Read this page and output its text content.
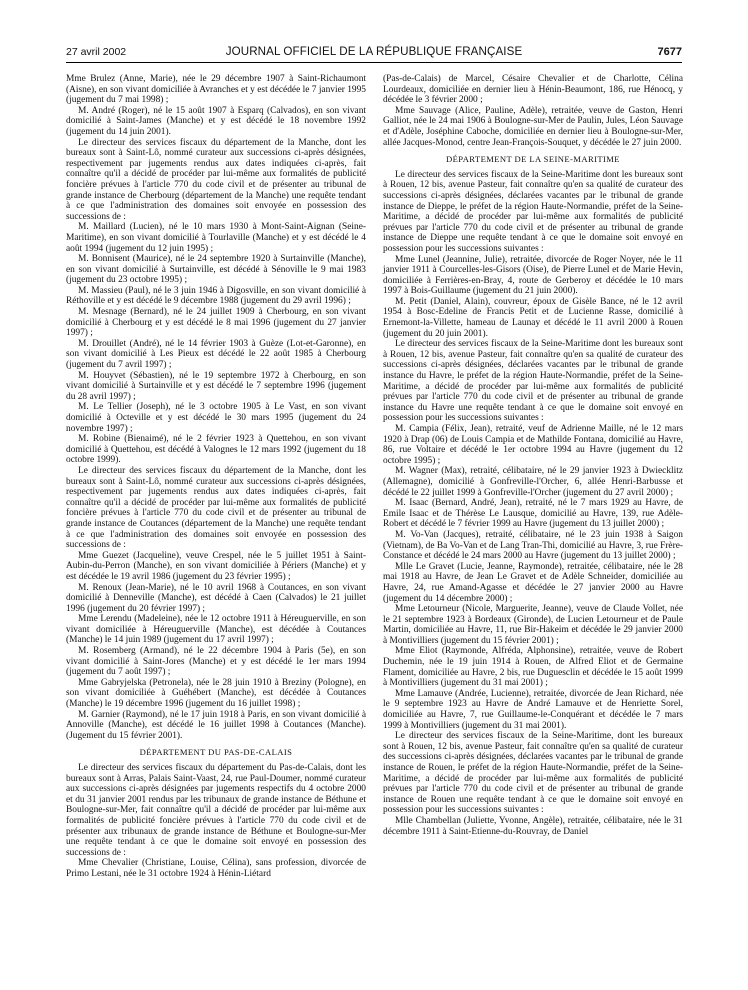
27 avril 2002	JOURNAL OFFICIEL DE LA RÉPUBLIQUE FRANÇAISE	7677

Mme Brulez (Anne, Marie), née le 29 décembre 1907 à Saint-Richaumont (Aisne), en son vivant domiciliée à Avranches et y est décédée le 7 janvier 1995 (jugement du 7 mai 1998) ;

M. André (Roger), né le 15 août 1907 à Esparq (Calvados), en son vivant domicilié à Saint-James (Manche) et y est décédé le 18 novembre 1992 (jugement du 14 juin 2001).

Le directeur des services fiscaux du département de la Manche, dont les bureaux sont à Saint-Lô, nommé curateur aux successions ci-après désignées, respectivement par jugements rendus aux dates indiquées ci-après, fait connaître qu'il a décidé de procéder par lui-même aux formalités de publicité foncière prévues à l'article 770 du code civil et de présenter au tribunal de grande instance de Cherbourg (département de la Manche) une requête tendant à ce que l'administration des domaines soit envoyée en possession des successions de :

M. Maillard (Lucien), né le 10 mars 1930 à Mont-Saint-Aignan (Seine-Maritime), en son vivant domicilié à Tourlaville (Manche) et y est décédé le 4 août 1994 (jugement du 12 juin 1995) ;

M. Bonnisent (Maurice), né le 24 septembre 1920 à Surtainville (Manche), en son vivant domicilié à Surtainville, est décédé à Sénoville le 9 mai 1983 (jugement du 23 octobre 1995) ;

M. Massieu (Paul), né le 3 juin 1946 à Digosville, en son vivant domicilié à Réthoville et y est décédé le 9 décembre 1988 (jugement du 29 avril 1996) ;

M. Mesnage (Bernard), né le 24 juillet 1909 à Cherbourg, en son vivant domicilié à Cherbourg et y est décédé le 8 mai 1996 (jugement du 27 janvier 1997) ;

M. Drouillet (André), né le 14 février 1903 à Guèze (Lot-et-Garonne), en son vivant domicilié à Les Pieux est décédé le 22 août 1985 à Cherbourg (jugement du 7 avril 1997) ;

M. Houyvet (Sébastien), né le 19 septembre 1972 à Cherbourg, en son vivant domicilié à Surtainville et y est décédé le 7 septembre 1996 (jugement du 28 avril 1997) ;

M. Le Tellier (Joseph), né le 3 octobre 1905 à Le Vast, en son vivant domicilié à Octeville et y est décédé le 30 mars 1995 (jugement du 24 novembre 1997) ;

M. Robine (Bienaimé), né le 2 février 1923 à Quettehou, en son vivant domicilié à Quettehou, est décédé à Valognes le 12 mars 1992 (jugement du 18 octobre 1999).

Le directeur des services fiscaux du département de la Manche, dont les bureaux sont à Saint-Lô, nommé curateur aux successions ci-après désignées, respectivement par jugements rendus aux dates indiquées ci-après, fait connaître qu'il a décidé de procéder par lui-même aux formalités de publicité foncière prévues à l'article 770 du code civil et de présenter au tribunal de grande instance de Coutances (département de la Manche) une requête tendant à ce que l'administration des domaines soit envoyée en possession des successions de :

Mme Guezet (Jacqueline), veuve Crespel, née le 5 juillet 1951 à Saint-Aubin-du-Perron (Manche), en son vivant domiciliée à Périers (Manche) et y est décédée le 19 avril 1986 (jugement du 23 février 1995) ;

M. Renoux (Jean-Marie), né le 10 avril 1968 à Coutances, en son vivant domicilié à Denneville (Manche), est décédé à Caen (Calvados) le 21 juillet 1996 (jugement du 20 février 1997) ;

Mme Lerendu (Madeleine), née le 12 octobre 1911 à Héreuguerville, en son vivant domiciliée à Héreuguerville (Manche), est décédée à Coutances (Manche) le 14 juin 1989 (jugement du 17 avril 1997) ;

M. Rosemberg (Armand), né le 22 décembre 1904 à Paris (5e), en son vivant domicilié à Saint-Jores (Manche) et y est décédé le 1er mars 1994 (jugement du 7 août 1997) ;

Mme Gabryjelska (Petronela), née le 28 juin 1910 à Breziny (Pologne), en son vivant domiciliée à Guéhébert (Manche), est décédée à Coutances (Manche) le 19 décembre 1996 (jugement du 16 juillet 1998) ;

M. Garnier (Raymond), né le 17 juin 1918 à Paris, en son vivant domicilié à Annoville (Manche), est décédé le 16 juillet 1998 à Coutances (Manche). (Jugement du 15 février 2001).

DÉPARTEMENT DU PAS-DE-CALAIS

Le directeur des services fiscaux du département du Pas-de-Calais, dont les bureaux sont à Arras, Palais Saint-Vaast, 24, rue Paul-Doumer, nommé curateur aux successions ci-après désignées par jugements respectifs du 4 octobre 2000 et du 31 janvier 2001 rendus par les tribunaux de grande instance de Béthune et Boulogne-sur-Mer, fait connaître qu'il a décidé de procéder par lui-même aux formalités de publicité foncière prévues à l'article 770 du code civil et de présenter aux tribunaux de grande instance de Béthune et Boulogne-sur-Mer une requête tendant à ce que le domaine soit envoyé en possession des successions de :

Mme Chevalier (Christiane, Louise, Célina), sans profession, divorcée de Primo Lestani, née le 31 octobre 1924 à Hénin-Liétard

(Pas-de-Calais) de Marcel, Césaire Chevalier et de Charlotte, Célina Lourdeaux, domiciliée en dernier lieu à Hénin-Beaumont, 186, rue Hénocq, y décédée le 3 février 2000 ;

Mme Sauvage (Alice, Pauline, Adèle), retraitée, veuve de Gaston, Henri Galliot, née le 24 mai 1906 à Boulogne-sur-Mer de Paulin, Jules, Léon Sauvage et d'Adèle, Joséphine Caboche, domiciliée en dernier lieu à Boulogne-sur-Mer, allée Jacques-Monod, centre Jean-François-Souquet, y décédée le 27 juin 2000.

DÉPARTEMENT DE LA SEINE-MARITIME

Le directeur des services fiscaux de la Seine-Maritime dont les bureaux sont à Rouen, 12 bis, avenue Pasteur, fait connaître qu'en sa qualité de curateur des successions ci-après désignées, déclarées vacantes par le tribunal de grande instance de Dieppe, le préfet de la région Haute-Normandie, préfet de la Seine-Maritime, a décidé de procéder par lui-même aux formalités de publicité prévues par l'article 770 du code civil et de présenter au tribunal de grande instance de Dieppe une requête tendant à ce que le domaine soit envoyé en possession pour les successions suivantes :

Mme Lunel (Jeannine, Julie), retraitée, divorcée de Roger Noyer, née le 11 janvier 1911 à Courcelles-les-Gisors (Oise), de Pierre Lunel et de Marie Hevin, domiciliée à Ferrières-en-Bray, 4, route de Gerberoy et décédée le 10 mars 1997 à Bois-Guillaume (jugement du 21 juin 2000).

M. Petit (Daniel, Alain), couvreur, époux de Gisèle Bance, né le 12 avril 1954 à Bosc-Edeline de Francis Petit et de Lucienne Rasse, domicilié à Ernemont-la-Villette, hameau de Launay et décédé le 11 avril 2000 à Rouen (jugement du 20 juin 2001).

Le directeur des services fiscaux de la Seine-Maritime dont les bureaux sont à Rouen, 12 bis, avenue Pasteur, fait connaître qu'en sa qualité de curateur des successions ci-après désignées, déclarées vacantes par le tribunal de grande instance du Havre, le préfet de la région Haute-Normandie, préfet de la Seine-Maritime, a décidé de procéder par lui-même aux formalités de publicité prévues par l'article 770 du code civil et de présenter au tribunal de grande instance du Havre une requête tendant à ce que le domaine soit envoyé en possession pour les successions suivantes :

M. Campia (Félix, Jean), retraité, veuf de Adrienne Maille, né le 12 mars 1920 à Drap (06) de Louis Campia et de Mathilde Fontana, domicilié au Havre, 86, rue Voltaire et décédé le 1er octobre 1994 au Havre (jugement du 12 octobre 1995) ;

M. Wagner (Max), retraité, célibataire, né le 29 janvier 1923 à Dwiecklitz (Allemagne), domicilié à Gonfreville-l'Orcher, 6, allée Henri-Barbusse et décédé le 22 juillet 1999 à Gonfreville-l'Orcher (jugement du 27 avril 2000) ;

M. Isaac (Bernard, André, Jean), retraité, né le 7 mars 1929 au Havre, de Emile Isaac et de Thérèse Le Lausque, domicilié au Havre, 139, rue Adèle-Robert et décédé le 7 février 1999 au Havre (jugement du 13 juillet 2000) ;

M. Vo-Van (Jacques), retraité, célibataire, né le 23 juin 1938 à Saigon (Vietnam), de Ba Vo-Van et de Lang Tran-Thi, domicilié au Havre, 3, rue Frère-Constance et décédé le 24 mars 2000 au Havre (jugement du 13 juillet 2000) ;

Mlle Le Gravet (Lucie, Jeanne, Raymonde), retraitée, célibataire, née le 28 mai 1918 au Havre, de Jean Le Gravet et de Adèle Schneider, domiciliée au Havre, 24, rue Amand-Agasse et décédée le 27 janvier 2000 au Havre (jugement du 14 décembre 2000) ;

Mme Letourneur (Nicole, Marguerite, Jeanne), veuve de Claude Vollet, née le 21 septembre 1923 à Bordeaux (Gironde), de Lucien Letourneur et de Paule Martin, domiciliée au Havre, 11, rue Bir-Hakeim et décédée le 29 janvier 2000 à Montivilliers (jugement du 15 février 2001) ;

Mme Eliot (Raymonde, Alfréda, Alphonsine), retraitée, veuve de Robert Duchemin, née le 19 juin 1914 à Rouen, de Alfred Eliot et de Germaine Flament, domiciliée au Havre, 2 bis, rue Duguesclin et décédée le 15 août 1999 à Montivilliers (jugement du 31 mai 2001) ;

Mme Lamauve (Andrée, Lucienne), retraitée, divorcée de Jean Richard, née le 9 septembre 1923 au Havre de André Lamauve et de Henriette Sorel, domiciliée au Havre, 7, rue Guillaume-le-Conquérant et décédée le 7 mars 1999 à Montivilliers (jugement du 31 mai 2001).

Le directeur des services fiscaux de la Seine-Maritime, dont les bureaux sont à Rouen, 12 bis, avenue Pasteur, fait connaître qu'en sa qualité de curateur des successions ci-après désignées, déclarées vacantes par le tribunal de grande instance de Rouen, le préfet de la région Haute-Normandie, préfet de la Seine-Maritime, a décidé de procéder par lui-même aux formalités de publicité prévues par l'article 770 du code civil et de présenter au tribunal de grande instance de Rouen une requête tendant à ce que le domaine soit envoyé en possession pour les successions suivantes :

Mlle Chambellan (Juliette, Yvonne, Angèle), retraitée, célibataire, née le 31 décembre 1911 à Saint-Etienne-du-Rouvray, de Daniel
